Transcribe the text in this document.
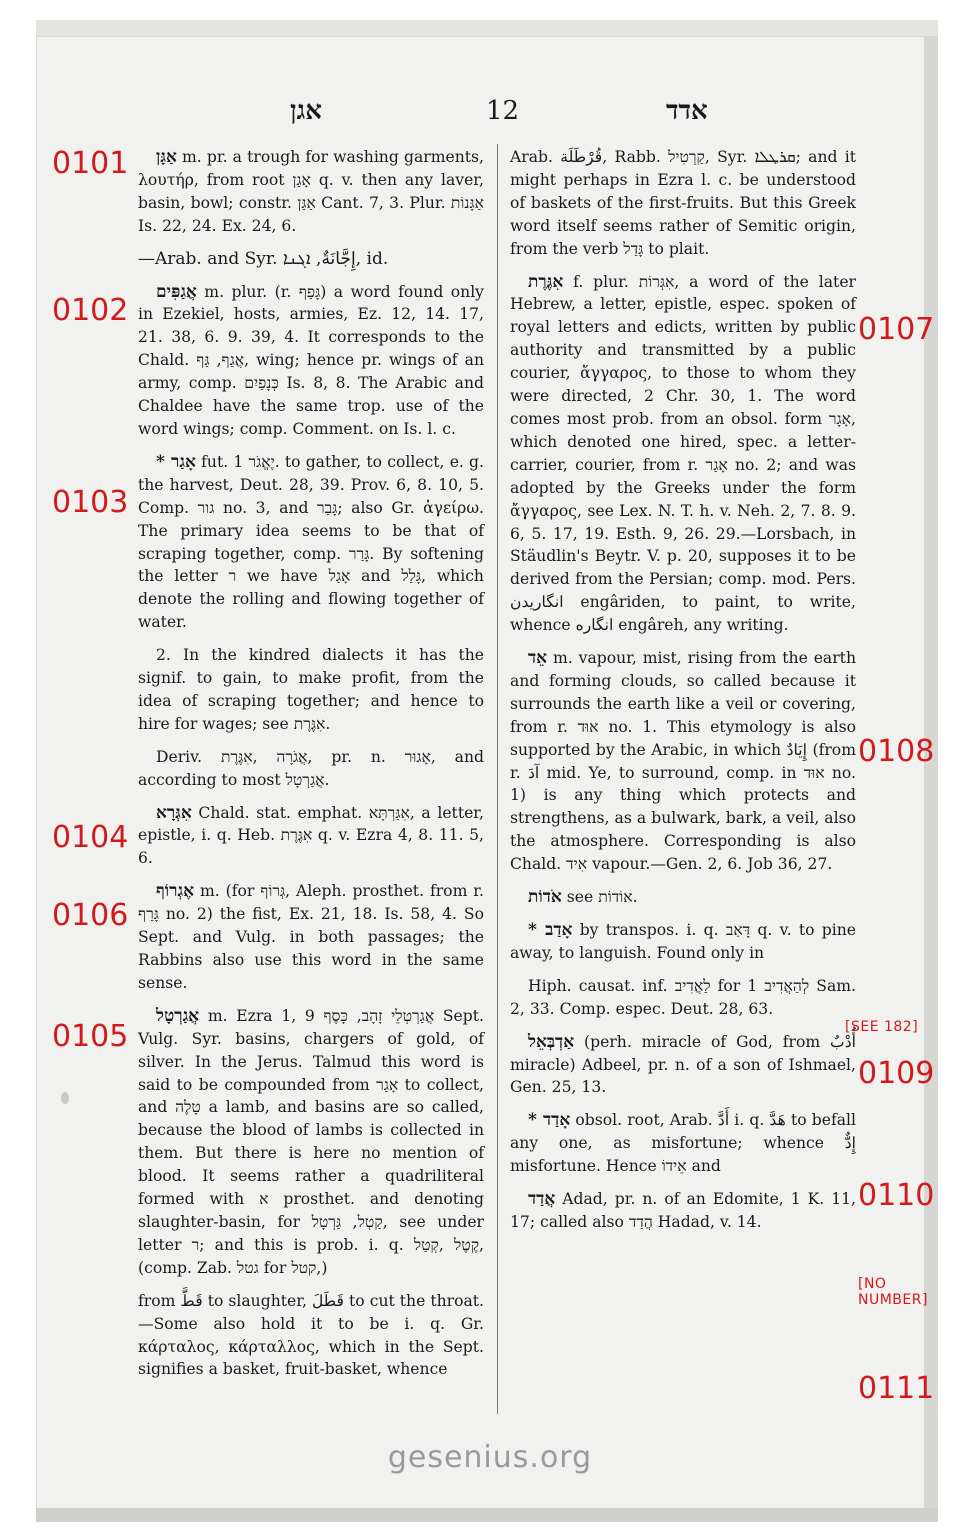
אגן	12	אדד
0101
0102
0103
0104
0106
0105
0107
0108
[SEE 182]
0109
0110
[NO NUMBER]
0111

אַגָּן m. pr. a trough for washing garments, λουτήρ, from root אָגַן q. v. then any laver, basin, bowl; constr. אַגַּן Cant. 7, 3. Plur. אַגָּנוֹת Is. 22, 24. Ex. 24, 6.

—Arab. and Syr. إِجَّانَةٌ, ܐܓܢܐ, id.

אֲגַפִּים m. plur. (r. גָּפַף) a word found only in Ezekiel, hosts, armies, Ez. 12, 14. 17, 21. 38, 6. 9. 39, 4. It corresponds to the Chald. אֲגַף, גַּף, wing; hence pr. wings of an army, comp. כְּנָפַיִם Is. 8, 8. The Arabic and Chaldee have the same trop. use of the word wings; comp. Comment. on Is. l. c.

* אָגַר fut. יֶאֱגֹר 1. to gather, to collect, e. g. the harvest, Deut. 28, 39. Prov. 6, 8. 10, 5. Comp. גור no. 3, and גָּבַר; also Gr. ἀγείρω. The primary idea seems to be that of scraping together, comp. גָּרַר. By softening the letter ר we have אָגַל and גָּלַל, which denote the rolling and flowing together of water.

2. In the kindred dialects it has the signif. to gain, to make profit, from the idea of scraping together; and hence to hire for wages; see אִגֶּרֶת.

Deriv. אֲגֹרָה ,אִגֶּרֶת, pr. n. אָגוּר, and according to most אֲגַרְטָל.

אִגְּרָא Chald. stat. emphat. אִגַּרְתָּא, a letter, epistle, i. q. Heb. אִגֶּרֶת q. v. Ezra 4, 8. 11. 5, 6.

אֶגְרוֹף m. (for גְּרוֹף, Aleph. prosthet. from r. גָּרַף no. 2) the fist, Ex. 21, 18. Is. 58, 4. So Sept. and Vulg. in both passages; the Rabbins also use this word in the same sense.

אֲגַרְטָל m. Ezra 1, 9 אֲגַרְטְלֵי זָהָב, כָּסֶף Sept. Vulg. Syr. basins, chargers of gold, of silver. In the Jerus. Talmud this word is said to be compounded from אָגַר to collect, and טָלֶה a lamb, and basins are so called, because the blood of lambs is collected in them. But there is here no mention of blood. It seems rather a quadriliteral formed with א prosthet. and denoting slaughter-basin, for קַטְל, גַּרְטָל, see under letter ר; and this is prob. i. q. קֶטֶל ,קְטַל, (comp. Zab. גטל for קטל,)

from قَطَّ to slaughter, قَطَلَ to cut the throat.—Some also hold it to be i. q. Gr. κάρταλος, κάρταλλος, which in the Sept. signifies a basket, fruit-basket, whence

Arab. قُرْطَلَة, Rabb. קַרְטִיל, Syr. ܩܪܛܠܐ; and it might perhaps in Ezra l. c. be understood of baskets of the first-fruits. But this Greek word itself seems rather of Semitic origin, from the verb גָּדַל to plait.

אִגֶּרֶת f. plur. אִגְּרוֹת, a word of the later Hebrew, a letter, epistle, espec. spoken of royal letters and edicts, written by public authority and transmitted by a public courier, ἄγγαρος, to those to whom they were directed, 2 Chr. 30, 1. The word comes most prob. from an obsol. form אָגָר, which denoted one hired, spec. a letter-carrier, courier, from r. אָגַר no. 2; and was adopted by the Greeks under the form ἄγγαρος, see Lex. N. T. h. v. Neh. 2, 7. 8. 9. 6, 5. 17, 19. Esth. 9, 26. 29.—Lorsbach, in Stäudlin's Beytr. V. p. 20, supposes it to be derived from the Persian; comp. mod. Pers. انگاریدن engâriden, to paint, to write, whence انگاره engâreh, any writing.

אֵד m. vapour, mist, rising from the earth and forming clouds, so called because it surrounds the earth like a veil or covering, from r. אוּד no. 1. This etymology is also supported by the Arabic, in which إِيَادٌ (from r. آدَ mid. Ye, to surround, comp. in אוּד no. 1) is any thing which protects and strengthens, as a bulwark, bark, a veil, also the atmosphere. Corresponding is also Chald. אִיד vapour.—Gen. 2, 6. Job 36, 27.

אֹדוֹת see אוֹדוֹת.

* אָדַב by transpos. i. q. דָּאַב q. v. to pine away, to languish. Found only in

Hiph. causat. inf. לַאֲדִיב for לְהַאֲדִיב 1 Sam. 2, 33. Comp. espec. Deut. 28, 63.

אַדְבְּאֵל (perh. miracle of God, from أُدْبٌ miracle) Adbeel, pr. n. of a son of Ishmael, Gen. 25, 13.

* אָדַד obsol. root, Arab. أَدَّ i. q. هَدَّ to befall any one, as misfortune; whence إِدٌّ misfortune. Hence אֵידוֹ and

אֲדַד Adad, pr. n. of an Edomite, 1 K. 11, 17; called also הֲדַד Hadad, v. 14.

gesenius.org
